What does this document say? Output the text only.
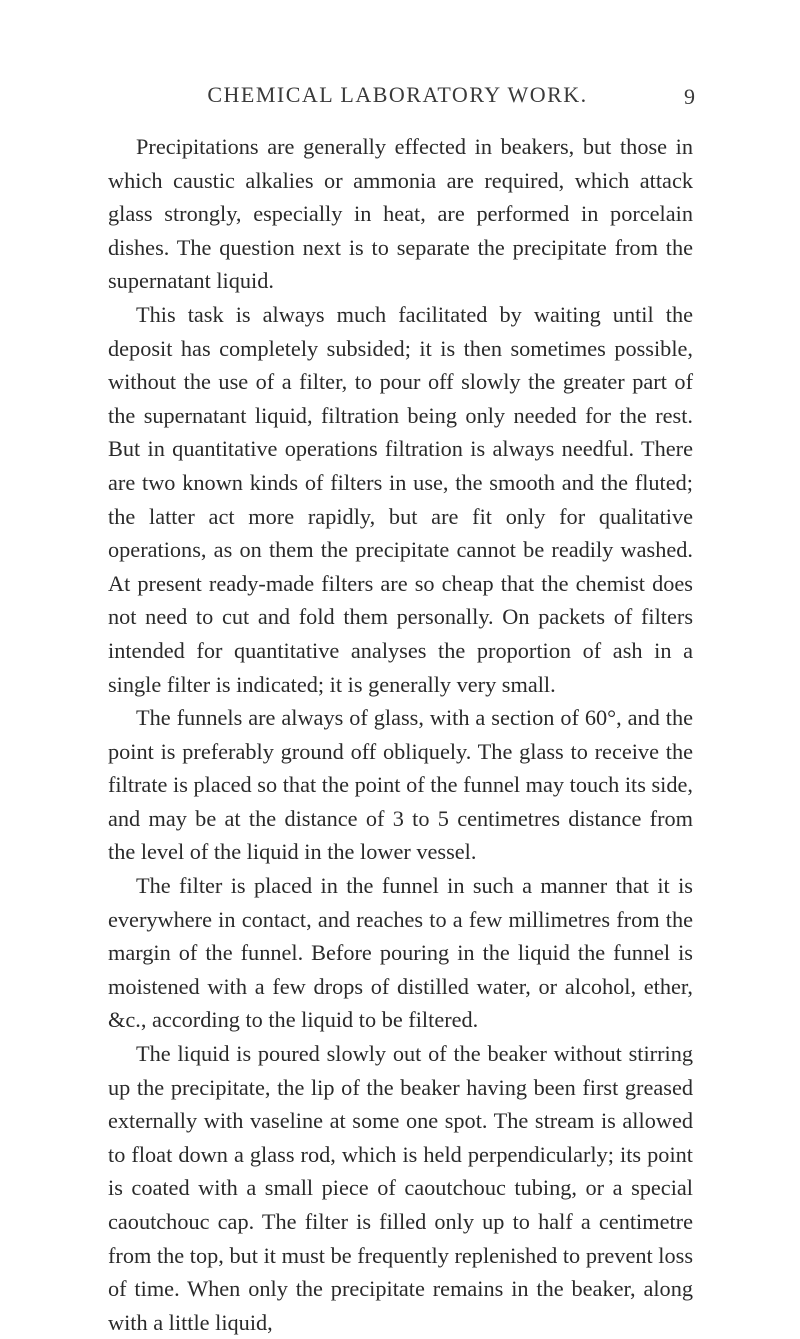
CHEMICAL LABORATORY WORK.	9

Precipitations are generally effected in beakers, but those in which caustic alkalies or ammonia are required, which attack glass strongly, especially in heat, are performed in porcelain dishes. The question next is to separate the precipitate from the supernatant liquid.

This task is always much facilitated by waiting until the deposit has completely subsided; it is then sometimes possible, without the use of a filter, to pour off slowly the greater part of the supernatant liquid, filtration being only needed for the rest. But in quantitative operations filtration is always needful. There are two known kinds of filters in use, the smooth and the fluted; the latter act more rapidly, but are fit only for qualitative operations, as on them the precipitate cannot be readily washed. At present ready-made filters are so cheap that the chemist does not need to cut and fold them personally. On packets of filters intended for quantitative analyses the proportion of ash in a single filter is indicated; it is generally very small.

The funnels are always of glass, with a section of 60°, and the point is preferably ground off obliquely. The glass to receive the filtrate is placed so that the point of the funnel may touch its side, and may be at the distance of 3 to 5 centimetres distance from the level of the liquid in the lower vessel.

The filter is placed in the funnel in such a manner that it is everywhere in contact, and reaches to a few millimetres from the margin of the funnel. Before pouring in the liquid the funnel is moistened with a few drops of distilled water, or alcohol, ether, &c., according to the liquid to be filtered.

The liquid is poured slowly out of the beaker without stirring up the precipitate, the lip of the beaker having been first greased externally with vaseline at some one spot. The stream is allowed to float down a glass rod, which is held perpendicularly; its point is coated with a small piece of caoutchouc tubing, or a special caoutchouc cap. The filter is filled only up to half a centimetre from the top, but it must be frequently replenished to prevent loss of time. When only the precipitate remains in the beaker, along with a little liquid,
